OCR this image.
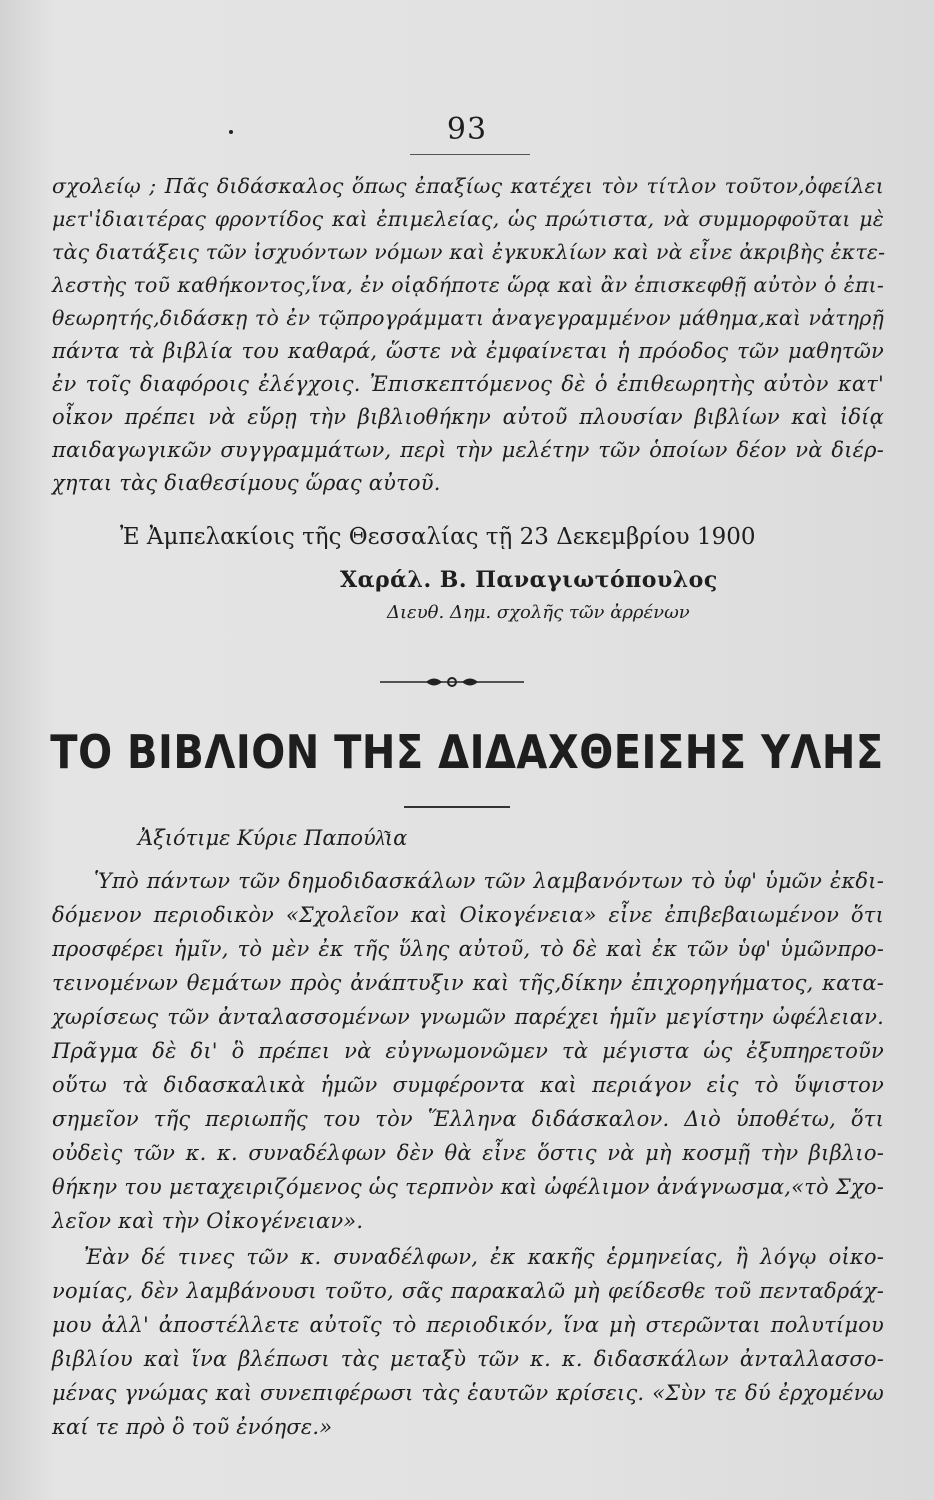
93
σχολείῳ ; Πᾶς διδάσκαλος ὅπως ἐπαξίως κατέχει τὸν τίτλον τοῦτον,ὀφείλει
μετ'ἰδιαιτέρας φροντίδος καὶ ἐπιμελείας, ὡς πρώτιστα, νὰ συμμορφοῦται μὲ
τὰς διατάξεις τῶν ἰσχυόντων νόμων καὶ ἐγκυκλίων καὶ νὰ εἶνε ἀκριβὴς ἐκτε-
λεστὴς τοῦ καθήκοντος,ἵνα, ἐν οἱᾳδήποτε ὥρᾳ καὶ ἂν ἐπισκεφθῇ αὐτὸν ὁ ἐπι-
θεωρητής,διδάσκῃ τὸ ἐν τῷπρογράμματι ἀναγεγραμμένον μάθημα,καὶ νἀτηρῇ
πάντα τὰ βιβλία του καθαρά, ὥστε νὰ ἐμφαίνεται ἡ πρόοδος τῶν μαθητῶν
ἐν τοῖς διαφόροις ἐλέγχοις. Ἐπισκεπτόμενος δὲ ὁ ἐπιθεωρητὴς αὐτὸν κατ'
οἶκον πρέπει νὰ εὕρῃ τὴν βιβλιοθήκην αὐτοῦ πλουσίαν βιβλίων καὶ ἰδίᾳ
παιδαγωγικῶν συγγραμμάτων, περὶ τὴν μελέτην τῶν ὁποίων δέον νὰ διέρ-
χηται τὰς διαθεσίμους ὥρας αὐτοῦ.
Ἐ Ἀμπελακίοις τῆς Θεσσαλίας τῇ 23 Δεκεμβρίου 1900
Χαράλ. Β. Παναγιωτόπουλος
Διευθ. Δημ. σχολῆς τῶν ἀρρένων
ΤΟ ΒΙΒΛΙΟΝ ΤΗΣ ΔΙΔΑΧΘΕΙΣΗΣ ΥΛΗΣ
Ἀξιότιμε Κύριε Παπούλ͂ια
Ὑπὸ πάντων τῶν δημοδιδασκάλων τῶν λαμβανόντων τὸ ὑφ' ὑμῶν ἐκδι-
δόμενον περιοδικὸν «Σχολεῖον καὶ Οἰκογένεια» εἶνε ἐπιβεβαιωμένον ὅτι
προσφέρει ἡμῖν, τὸ μὲν ἐκ τῆς ὕλης αὐτοῦ, τὸ δὲ καὶ ἐκ τῶν ὑφ' ὑμῶνπρο-
τεινομένων θεμάτων πρὸς ἀνάπτυξιν καὶ τῆς,δίκην ἐπιχορηγήματος, κατα-
χωρίσεως τῶν ἀνταλασσομένων γνωμῶν παρέχει ἡμῖν μεγίστην ὠφέλειαν.
Πρᾶγμα δὲ δι' ὃ πρέπει νὰ εὐγνωμονῶμεν τὰ μέγιστα ὡς ἐξυπηρετοῦν
οὕτω τὰ διδασκαλικὰ ἡμῶν συμφέροντα καὶ περιάγον εἰς τὸ ὕψιστον
σημεῖον τῆς περιωπῆς του τὸν Ἕλληνα διδάσκαλον. Διὸ ὑποθέτω, ὅτι
οὐδεὶς τῶν κ. κ. συναδέλφων δὲν θὰ εἶνε ὅστις νὰ μὴ κοσμῇ τὴν βιβλιο-
θήκην του μεταχειριζόμενος ὡς τερπνὸν καὶ ὠφέλιμον ἀνάγνωσμα,«τὸ Σχο-
λεῖον καὶ τὴν Οἰκογένειαν».
Ἐὰν δέ τινες τῶν κ. συναδέλφων, ἐκ κακῆς ἑρμηνείας, ἢ λόγῳ οἰκο-
νομίας, δὲν λαμβάνουσι τοῦτο, σᾶς παρακαλῶ μὴ φείδεσθε τοῦ πενταδράχ-
μου ἀλλ' ἀποστέλλετε αὐτοῖς τὸ περιοδικόν, ἵνα μὴ στερῶνται πολυτίμου
βιβλίου καὶ ἵνα βλέπωσι τὰς μεταξὺ τῶν κ. κ. διδασκάλων ἀνταλλασσο-
μένας γνώμας καὶ συνεπιφέρωσι τὰς ἑαυτῶν κρίσεις. «Σὺν τε δύ ἐρχομένω
καί τε πρὸ ὃ τοῦ ἐνόησε.»
